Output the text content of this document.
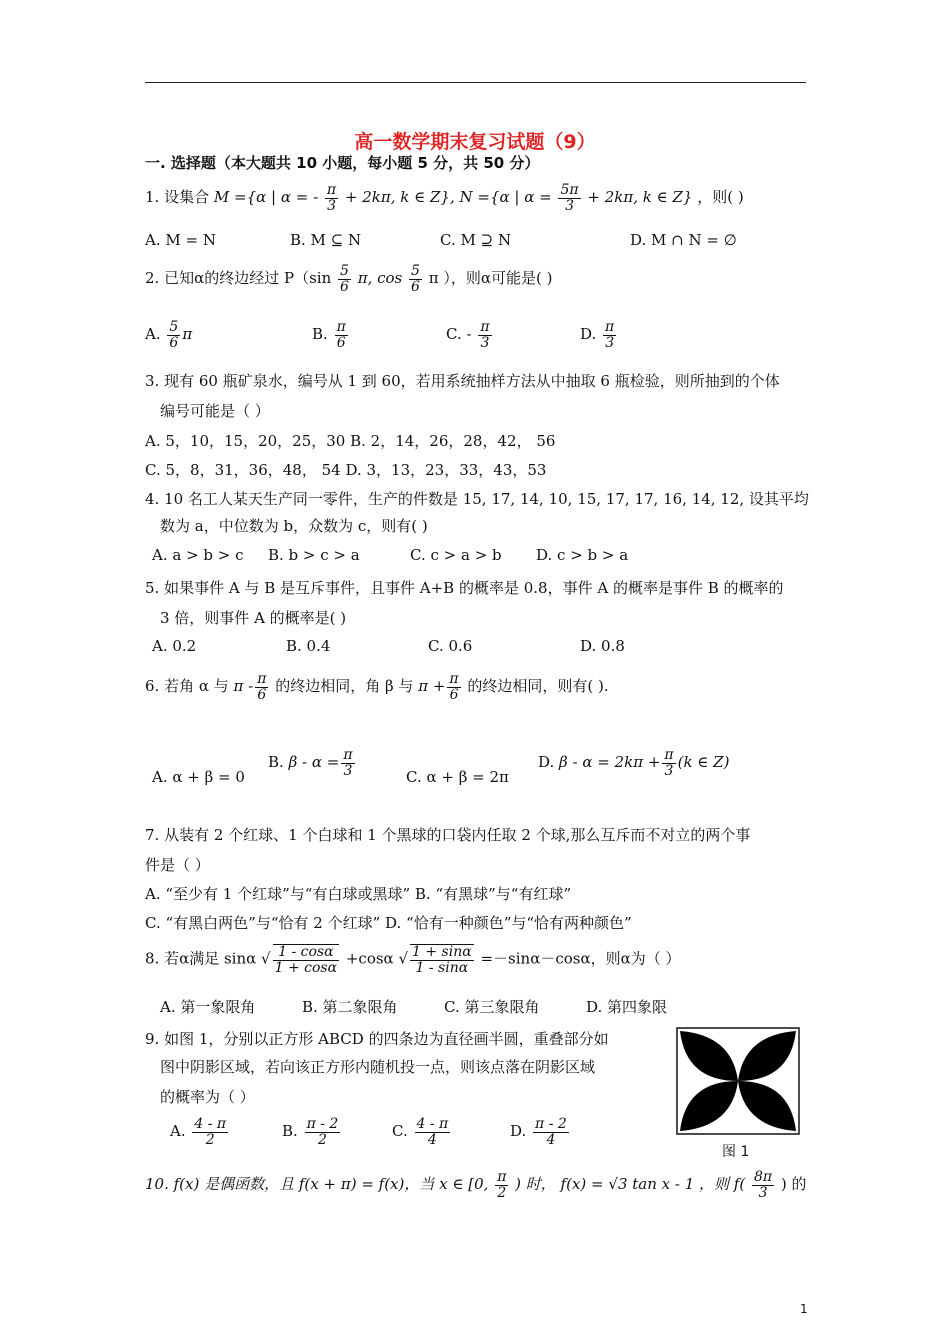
高一数学期末复习试题（9）
一. 选择题（本大题共 10 小题，每小题 5 分，共 50 分）
1. 设集合 M ={α | α = - $\frac{\pi}{3} + 2k\pi$, k ∈ Z}, N ={α | $\alpha = \frac{5\pi}{3} + 2k\pi$, k ∈ Z} ，则( )
A. M = N	B. M ⊆ N	C. M ⊇ N	D. M ∩ N = ∅
2. 已知α的终边经过 $P(\sin \frac{5}{6} \pi$, $\cos \frac{5}{6}$ π ），则α可能是( )
A. $\frac{5}{6}$ π	B. $\frac{\pi}{6}$	C. - $\frac{\pi}{3}$	D. $\frac{\pi}{3}$
3. 现有 60 瓶矿泉水，编号从 1 到 60，若用系统抽样方法从中抽取 6 瓶检验，则所抽到的个体
编号可能是（ ）
A. 5，10，15，20，25，30 B. 2，14，26，28，42， 56
C. 5，8，31，36，48， 54 D. 3，13，23，33，43，53
4. 10 名工人某天生产同一零件，生产的件数是 15, 17, 14, 10, 15, 17, 17, 16, 14, 12, 设其平均
数为 a，中位数为 b，众数为 c，则有( )
A. a > b > c B. b > c > a	C. c > a > b D. c > b > a
5. 如果事件 A 与 B 是互斥事件，且事件 A+B 的概率是 0.8，事件 A 的概率是事件 B 的概率的
3 倍，则事件 A 的概率是( )
A. 0.2	B. 0.4	C. 0.6	D. 0.8
6. 若角 α 与 π - $\frac{\pi}{6}$ 的终边相同，角 β 与 $\pi + \frac{\pi}{6}$ 的终边相同，则有( ).
A. α + β = 0
B. $\beta - \alpha = \frac{\pi}{3}$	C. α + β = 2π
D. $\beta - \alpha = 2k\pi + \frac{\pi}{3} (k$ ∈ Z)
7. 从装有 2 个红球、1 个白球和 1 个黑球的口袋内任取 2 个球,那么互斥而不对立的两个事
件是（ ）
A. “至少有 1 个红球”与“有白球或黑球” B. “有黑球”与“有红球”
C. “有黑白两色”与“恰有 2 个红球” D. “恰有一种颜色”与“恰有两种颜色”
8. 若α满足 sinα √ $\frac{1 - \cos\alpha}{1 + \cos\alpha} +\cos\alpha$ √ $\frac{1 + \sin\alpha}{1 - \sin\alpha} =-\sin\alpha-\cos\alpha$，则α为（ ）
A. 第一象限角	B. 第二象限角	C. 第三象限角	D. 第四象限
9. 如图 1，分别以正方形 ABCD 的四条边为直径画半圆，重叠部分如
图中阴影区域，若向该正方形内随机投一点，则该点落在阴影区域
的概率为（ ）
A. $\frac{4 - \pi}{2}$	B. $\frac{\pi - 2}{2}$	C. $\frac{4 - \pi}{4}$	D. $\frac{\pi - 2}{4}$
图 1
10. f(x) 是偶函数，且 f(x + π) = f(x)，当 x ∈ [0, $\frac{\pi}{2}$ ) 时， f(x) = √3 tan x - 1 ，则 $f( \frac{8\pi}{3}$ ) 的
1
